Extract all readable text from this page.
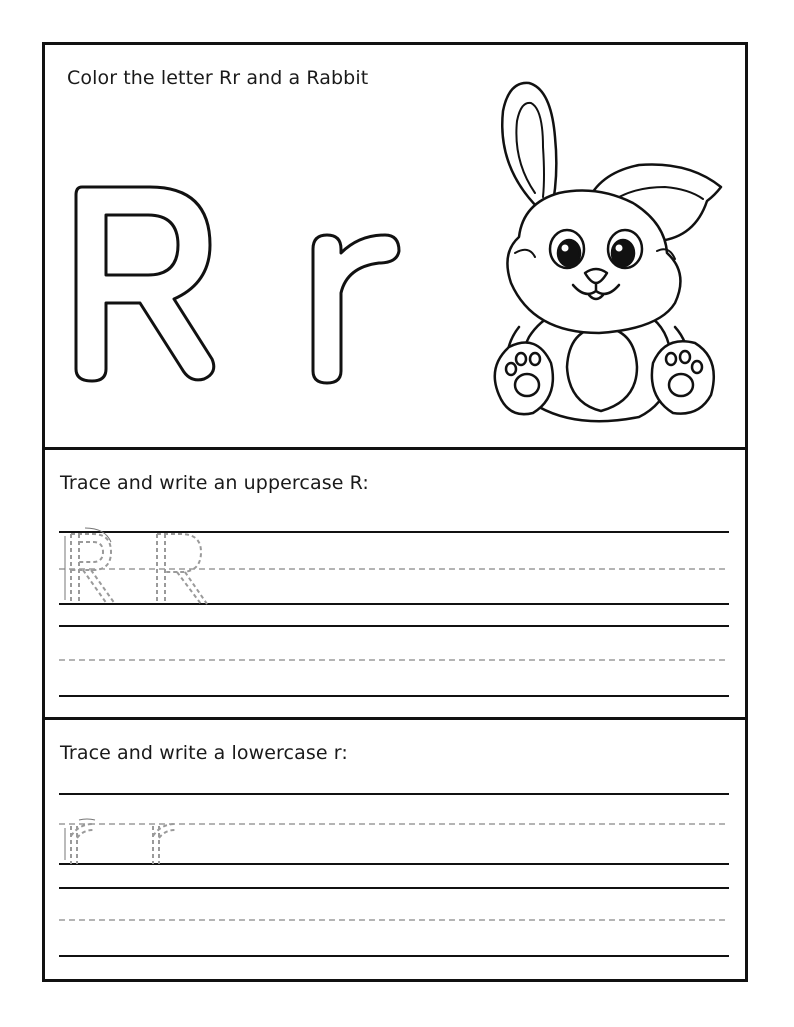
Color the letter Rr and a Rabbit
Trace and write an uppercase R:
Trace and write a lowercase r:
